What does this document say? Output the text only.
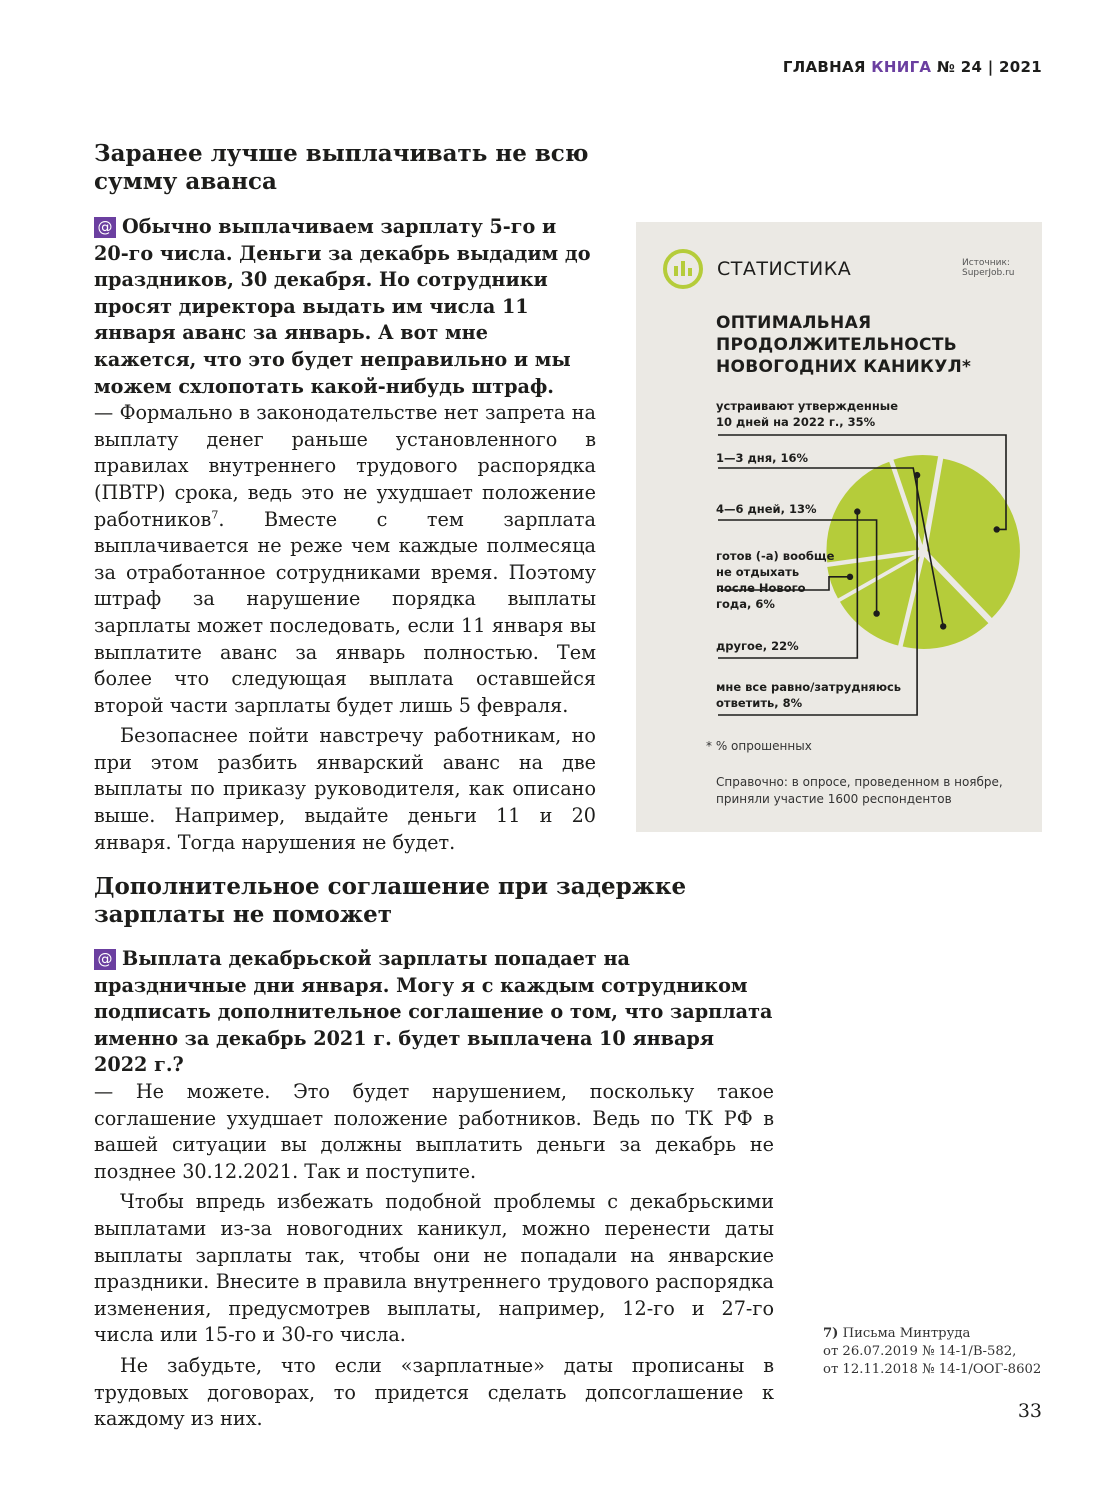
ГЛАВНАЯ КНИГА № 24 | 2021
Заранее лучше выплачивать не всю сумму аванса

@ Обычно выплачиваем зарплату 5-го и 20-го числа. Деньги за декабрь выдадим до праздников, 30 декабря. Но сотрудники просят директора выдать им числа 11 января аванс за январь. А вот мне кажется, что это будет неправильно и мы можем схлопотать какой-нибудь штраф.

— Формально в законодательстве нет запрета на выплату денег раньше установленного в правилах внутреннего трудового распорядка (ПВТР) срока, ведь это не ухудшает положение работников$^7$. Вместе с тем зарплата выплачивается не реже чем каждые полмесяца за отработанное сотрудниками время. Поэтому штраф за нарушение порядка выплаты зарплаты может последовать, если 11 января вы выплатите аванс за январь полностью. Тем более что следующая выплата оставшейся второй части зарплаты будет лишь 5 февраля.

Безопаснее пойти навстречу работникам, но при этом разбить январский аванс на две выплаты по приказу руководителя, как описано выше. Например, выдайте деньги 11 и 20 января. Тогда нарушения не будет.

СТАТИСТИКА	Источник:
SuperJob.ru
ОПТИМАЛЬНАЯ
ПРОДОЛЖИТЕЛЬНОСТЬ
НОВОГОДНИХ КАНИКУЛ*
устраивают утвержденные
10 дней на 2022 г., 35%
1—3 дня, 16%
4—6 дней, 13%
готов (-а) вообще
не отдыхать
после Нового
года, 6%
другое, 22%
мне все равно/затрудняюсь
ответить, 8%
* % опрошенных
Справочно: в опросе, проведенном в ноябре,
приняли участие 1600 респондентов
Дополнительное соглашение при задержке зарплаты не поможет

@ Выплата декабрьской зарплаты попадает на праздничные дни января. Могу я с каждым сотрудником подписать дополнительное соглашение о том, что зарплата именно за декабрь 2021 г. будет выплачена 10 января 2022 г.?

— Не можете. Это будет нарушением, поскольку такое соглашение ухудшает положение работников. Ведь по ТК РФ в вашей ситуации вы должны выплатить деньги за декабрь не позднее 30.12.2021. Так и поступите.

Чтобы впредь избежать подобной проблемы с декабрьскими выплатами из-за новогодних каникул, можно перенести даты выплаты зарплаты так, чтобы они не попадали на январские праздники. Внесите в правила внутреннего трудового распорядка изменения, предусмотрев выплаты, например, 12-го и 27-го числа или 15-го и 30-го числа.

Не забудьте, что если «зарплатные» даты прописаны в трудовых договорах, то придется сделать допсоглашение к каждому из них.

7) Письма Минтруда
от 26.07.2019 № 14-1/В-582,
от 12.11.2018 № 14-1/ООГ-8602
33
